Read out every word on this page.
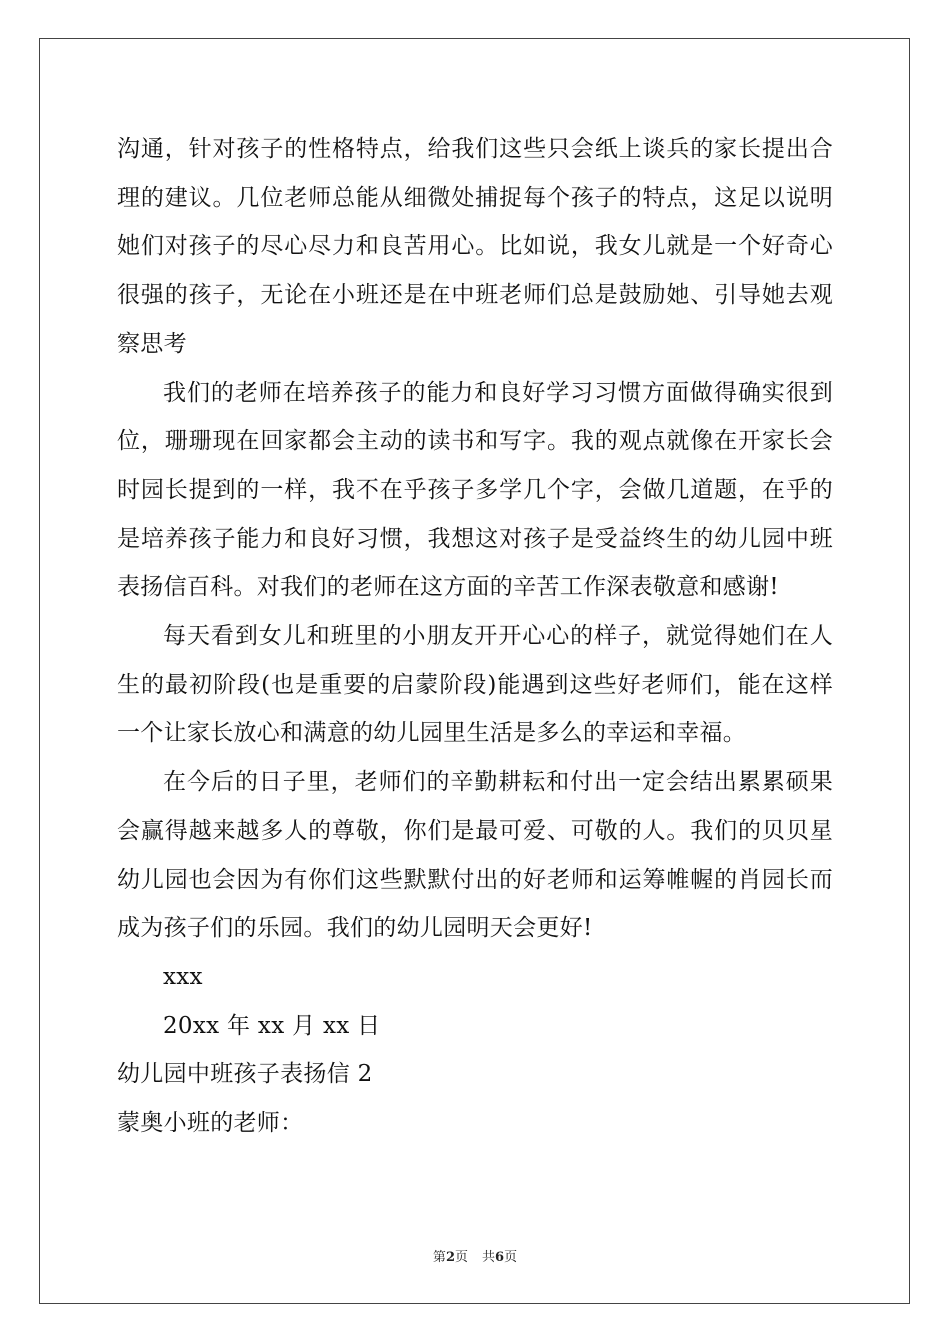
沟通，针对孩子的性格特点，给我们这些只会纸上谈兵的家长提出合理的建议。几位老师总能从细微处捕捉每个孩子的特点，这足以说明她们对孩子的尽心尽力和良苦用心。比如说，我女儿就是一个好奇心很强的孩子，无论在小班还是在中班老师们总是鼓励她、引导她去观察思考

我们的老师在培养孩子的能力和良好学习习惯方面做得确实很到位，珊珊现在回家都会主动的读书和写字。我的观点就像在开家长会时园长提到的一样，我不在乎孩子多学几个字，会做几道题，在乎的是培养孩子能力和良好习惯，我想这对孩子是受益终生的幼儿园中班表扬信百科。对我们的老师在这方面的辛苦工作深表敬意和感谢!

每天看到女儿和班里的小朋友开开心心的样子，就觉得她们在人生的最初阶段(也是重要的启蒙阶段)能遇到这些好老师们，能在这样一个让家长放心和满意的幼儿园里生活是多么的幸运和幸福。

在今后的日子里，老师们的辛勤耕耘和付出一定会结出累累硕果会赢得越来越多人的尊敬，你们是最可爱、可敬的人。我们的贝贝星幼儿园也会因为有你们这些默默付出的好老师和运筹帷幄的肖园长而成为孩子们的乐园。我们的幼儿园明天会更好!

xxx

20xx 年 xx 月 xx 日

幼儿园中班孩子表扬信 2

蒙奥小班的老师：

第2页 共6页
